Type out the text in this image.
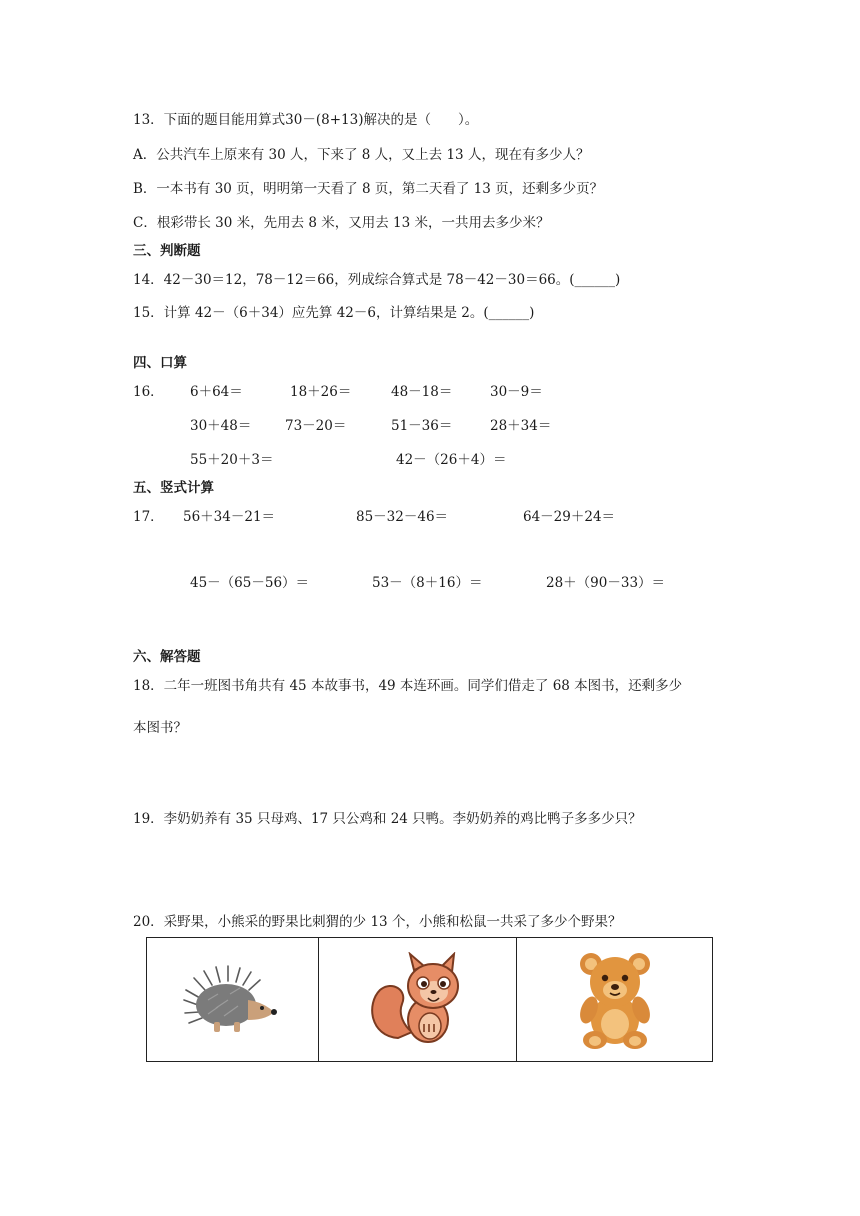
13．下面的题目能用算式30－(8+13)解决的是（　　）。
A．公共汽车上原来有 30 人，下来了 8 人，又上去 13 人，现在有多少人？
B．一本书有 30 页，明明第一天看了 8 页，第二天看了 13 页，还剩多少页？
C．根彩带长 30 米，先用去 8 米，又用去 13 米，一共用去多少米？
三、判断题
14．42－30＝12，78－12＝66，列成综合算式是 78－42－30＝66。(______)
15．计算 42－（6＋34）应先算 42－6，计算结果是 2。(______)
四、口算
16． 6＋64＝	18＋26＝	48－18＝	30－9＝
30＋48＝ 73－20＝	51－36＝	28＋34＝
55＋20＋3＝	42－（26＋4）＝
五、竖式计算
17． 56＋34－21＝	85－32－46＝	64－29＋24＝
45－（65－56）＝	53－（8＋16）＝	28＋（90－33）＝
六、解答题
18．二年一班图书角共有 45 本故事书，49 本连环画。同学们借走了 68 本图书，还剩多少
本图书？
19．李奶奶养有 35 只母鸡、17 只公鸡和 24 只鸭。李奶奶养的鸡比鸭子多多少只？
20．采野果，小熊采的野果比刺猬的少 13 个，小熊和松鼠一共采了多少个野果？
